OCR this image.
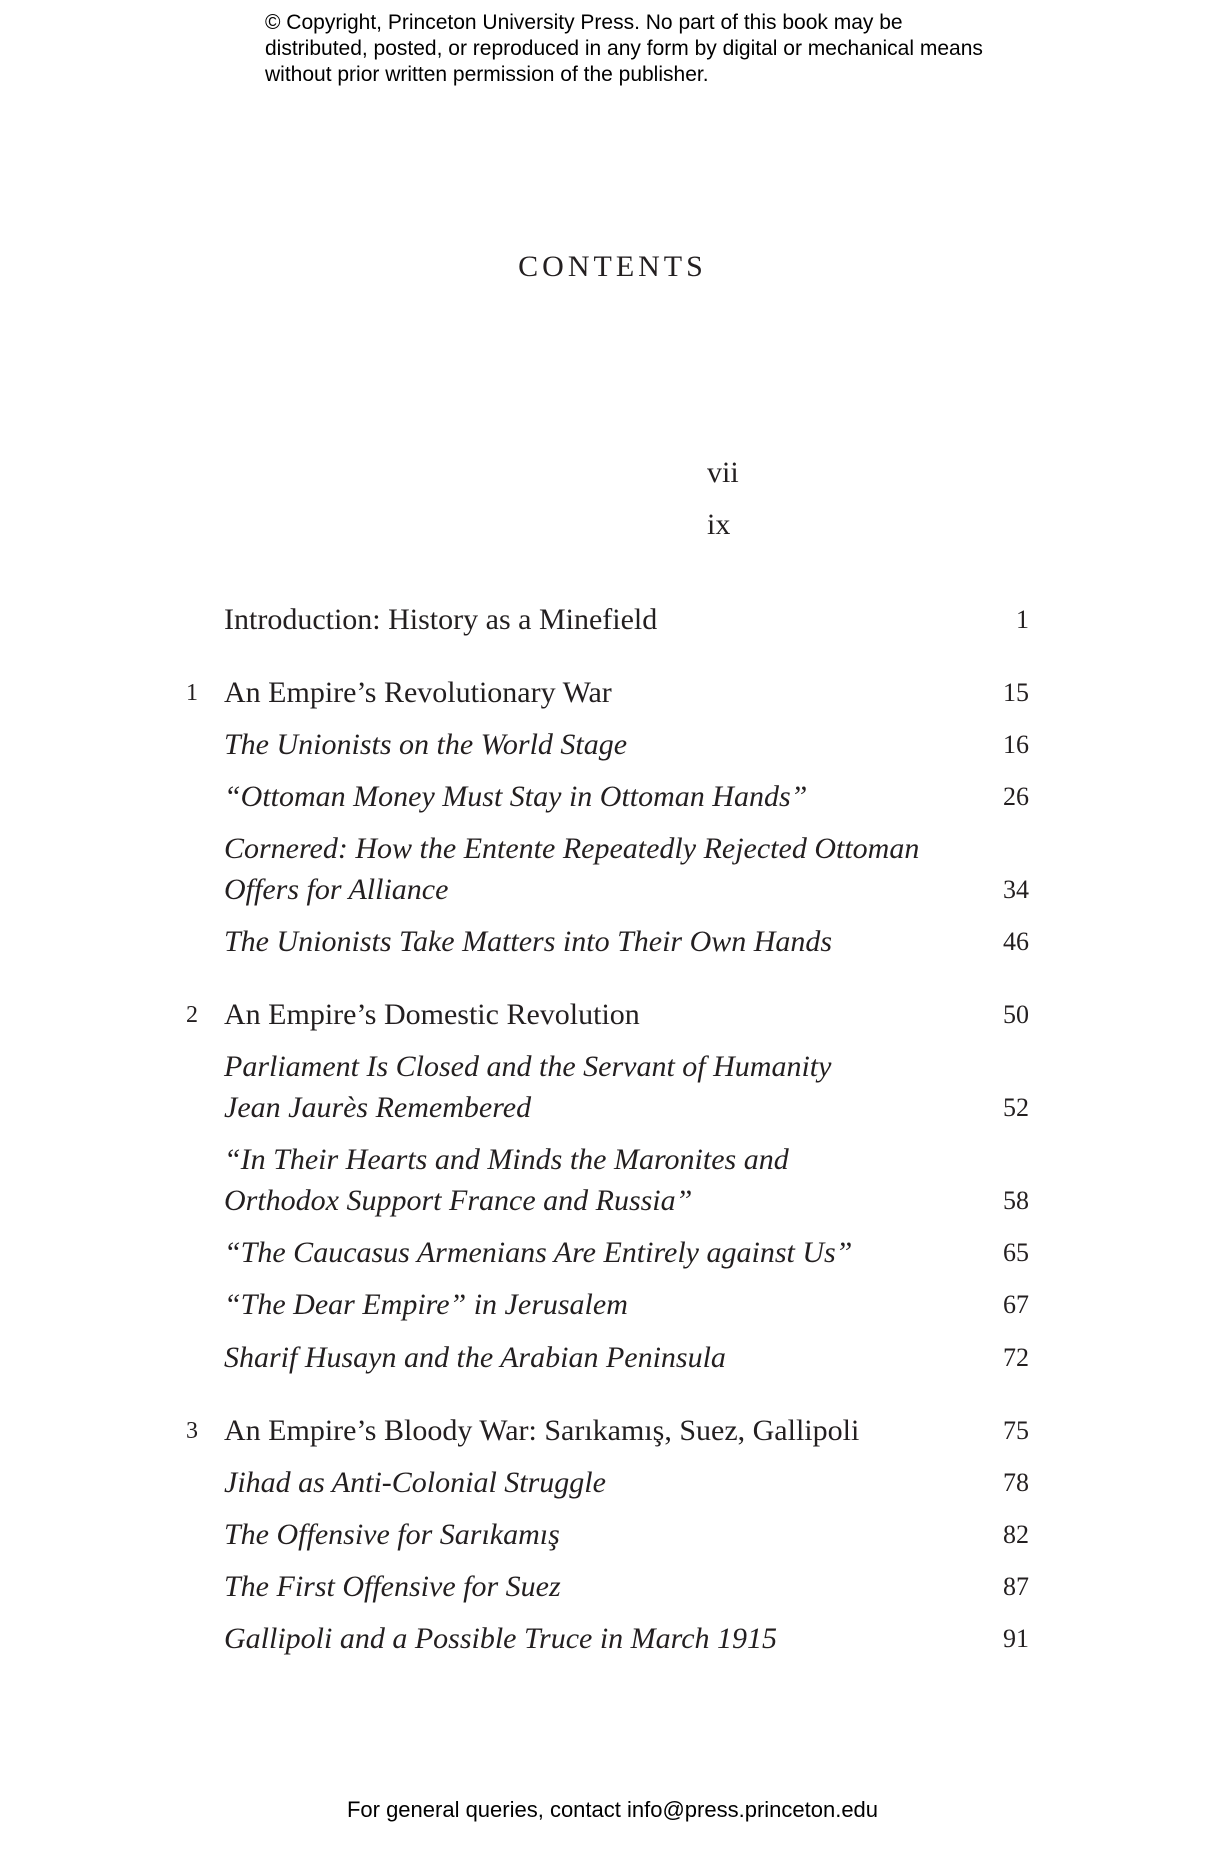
© Copyright, Princeton University Press. No part of this book may be distributed, posted, or reproduced in any form by digital or mechanical means without prior written permission of the publisher.
CONTENTS
vii
ix
Introduction: History as a Minefield	1
1 An Empire’s Revolutionary War	15
The Unionists on the World Stage	16
“Ottoman Money Must Stay in Ottoman Hands”	26
Cornered: How the Entente Repeatedly Rejected Ottoman Offers for Alliance	34
The Unionists Take Matters into Their Own Hands	46
2 An Empire’s Domestic Revolution	50
Parliament Is Closed and the Servant of Humanity Jean Jaurès Remembered	52
“In Their Hearts and Minds the Maronites and Orthodox Support France and Russia”	58
“The Caucasus Armenians Are Entirely against Us”	65
“The Dear Empire” in Jerusalem	67
Sharif Husayn and the Arabian Peninsula	72
3 An Empire’s Bloody War: Sarıkamış, Suez, Gallipoli	75
Jihad as Anti-Colonial Struggle	78
The Offensive for Sarıkamış	82
The First Offensive for Suez	87
Gallipoli and a Possible Truce in March 1915	91
For general queries, contact info@press.princeton.edu
